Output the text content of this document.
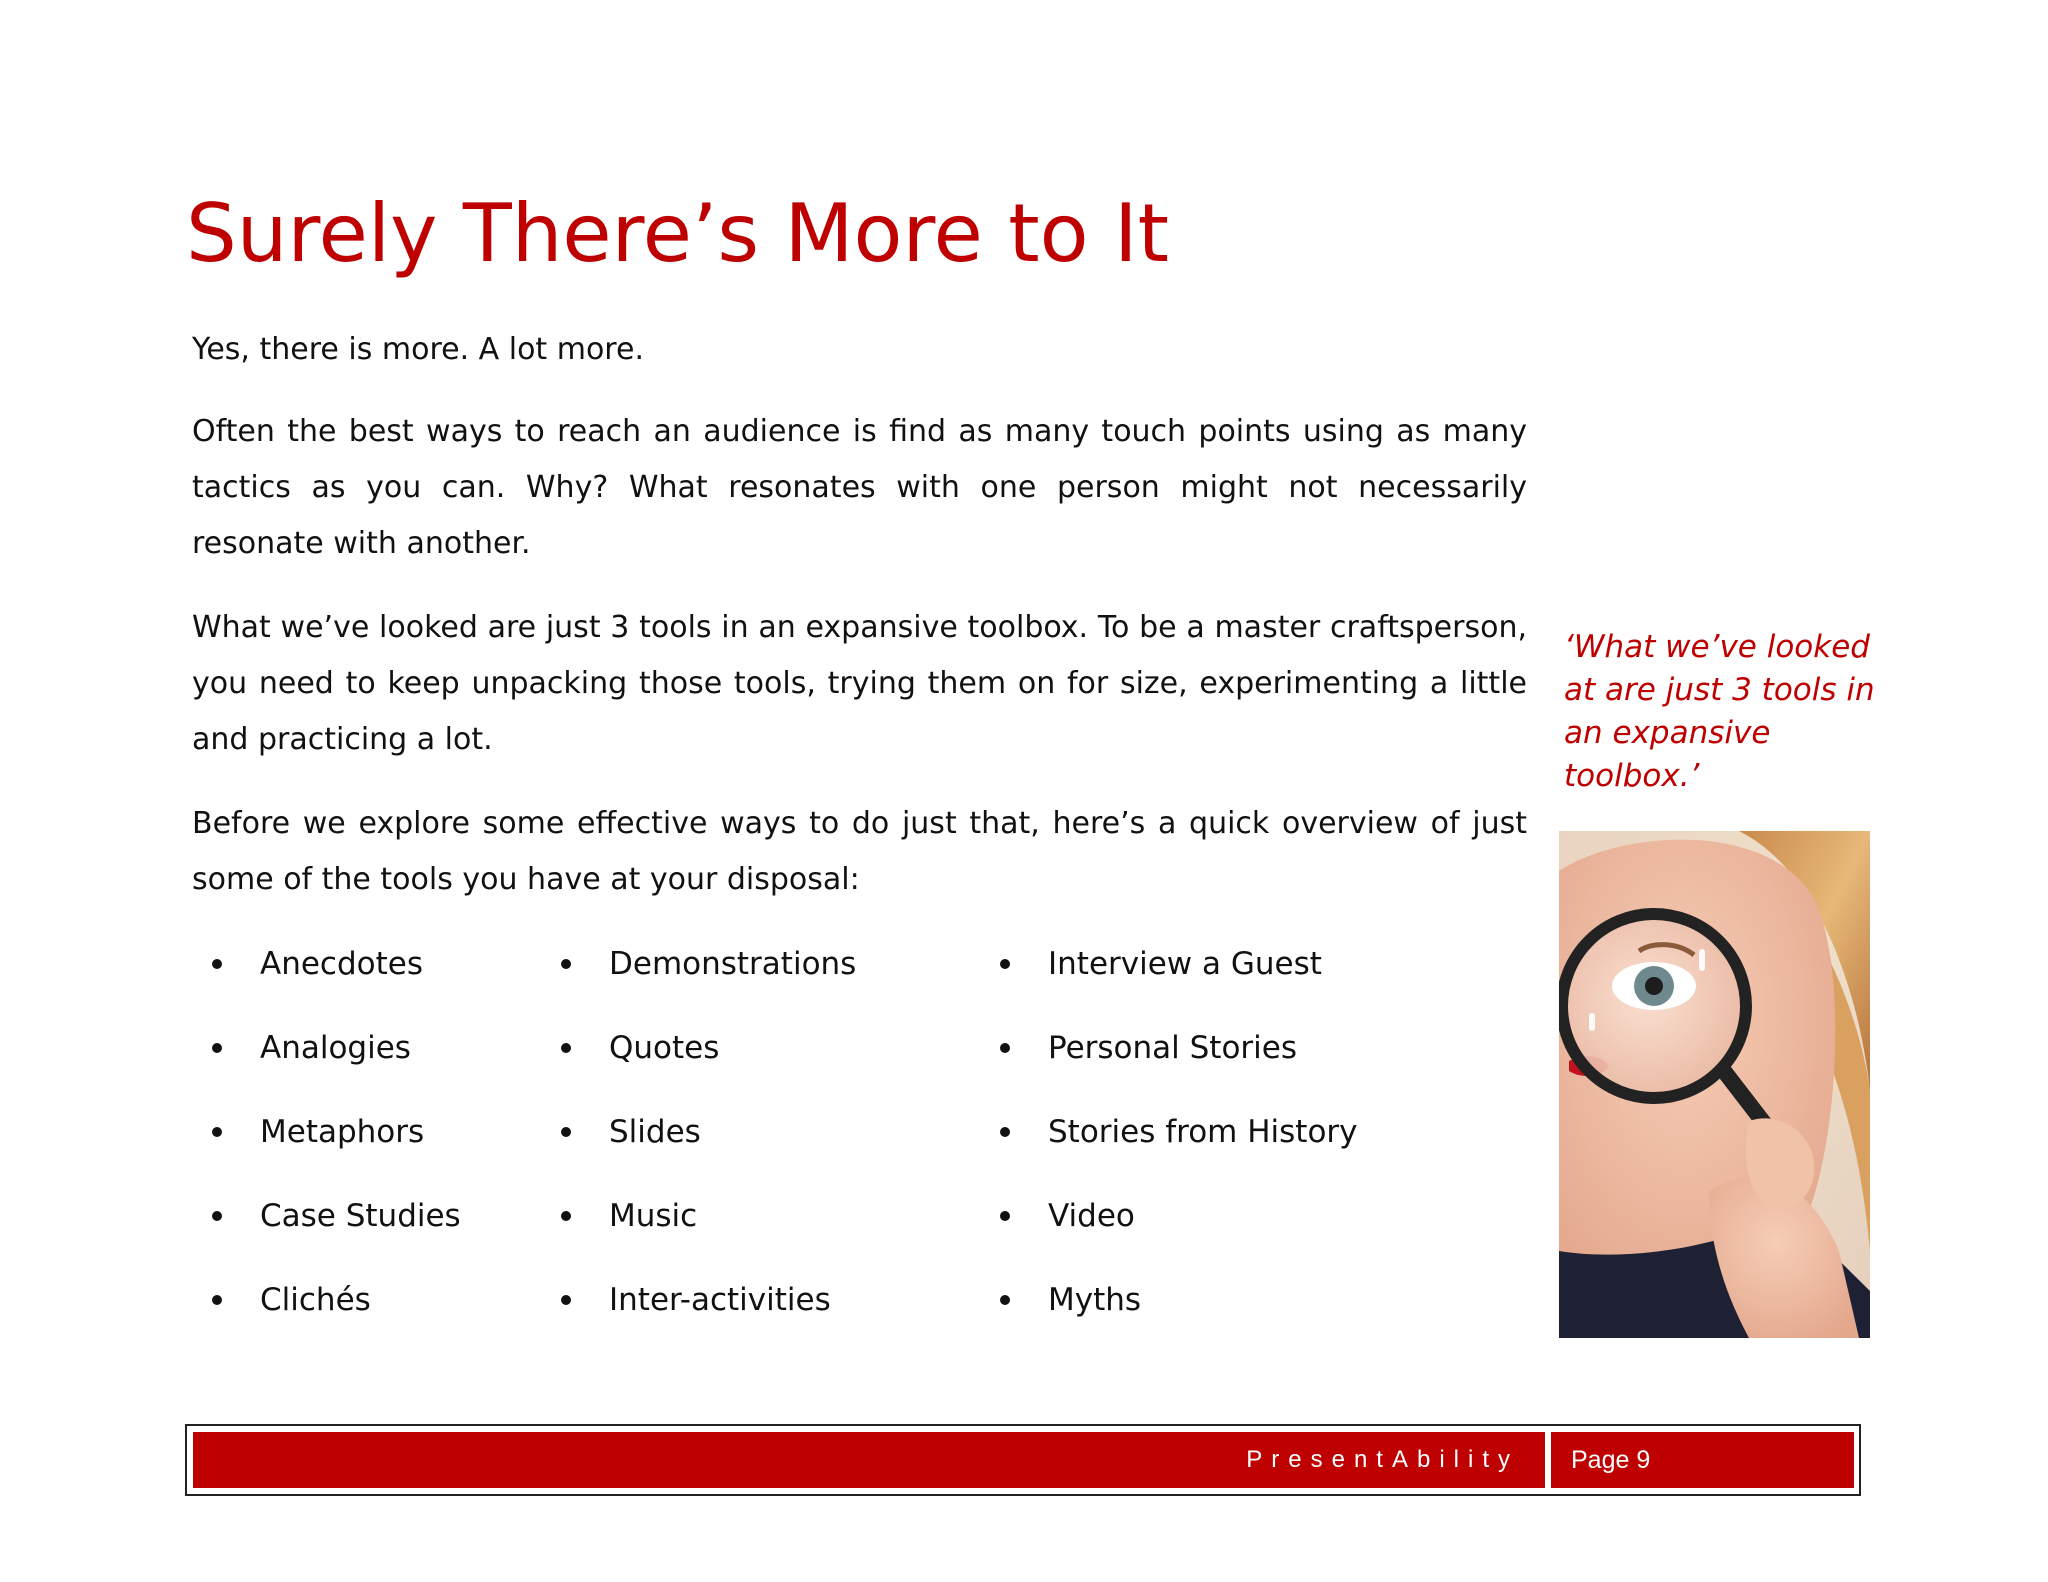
Surely There’s More to It

Yes, there is more. A lot more.

Often the best ways to reach an audience is find as many touch points using as many tactics as you can. Why? What resonates with one person might not necessarily resonate with another.

What we’ve looked are just 3 tools in an expansive toolbox. To be a master craftsperson, you need to keep unpacking those tools, trying them on for size, experimenting a little and practicing a lot.

Before we explore some effective ways to do just that, here’s a quick overview of just some of the tools you have at your disposal:

Anecdotes
Analogies
Metaphors
Case Studies
Clichés
Demonstrations
Quotes
Slides
Music
Inter-activities
Interview a Guest
Personal Stories
Stories from History
Video
Myths

‘What we’ve looked at are just 3 tools in an expansive toolbox.’

PresentAbility Page 9
